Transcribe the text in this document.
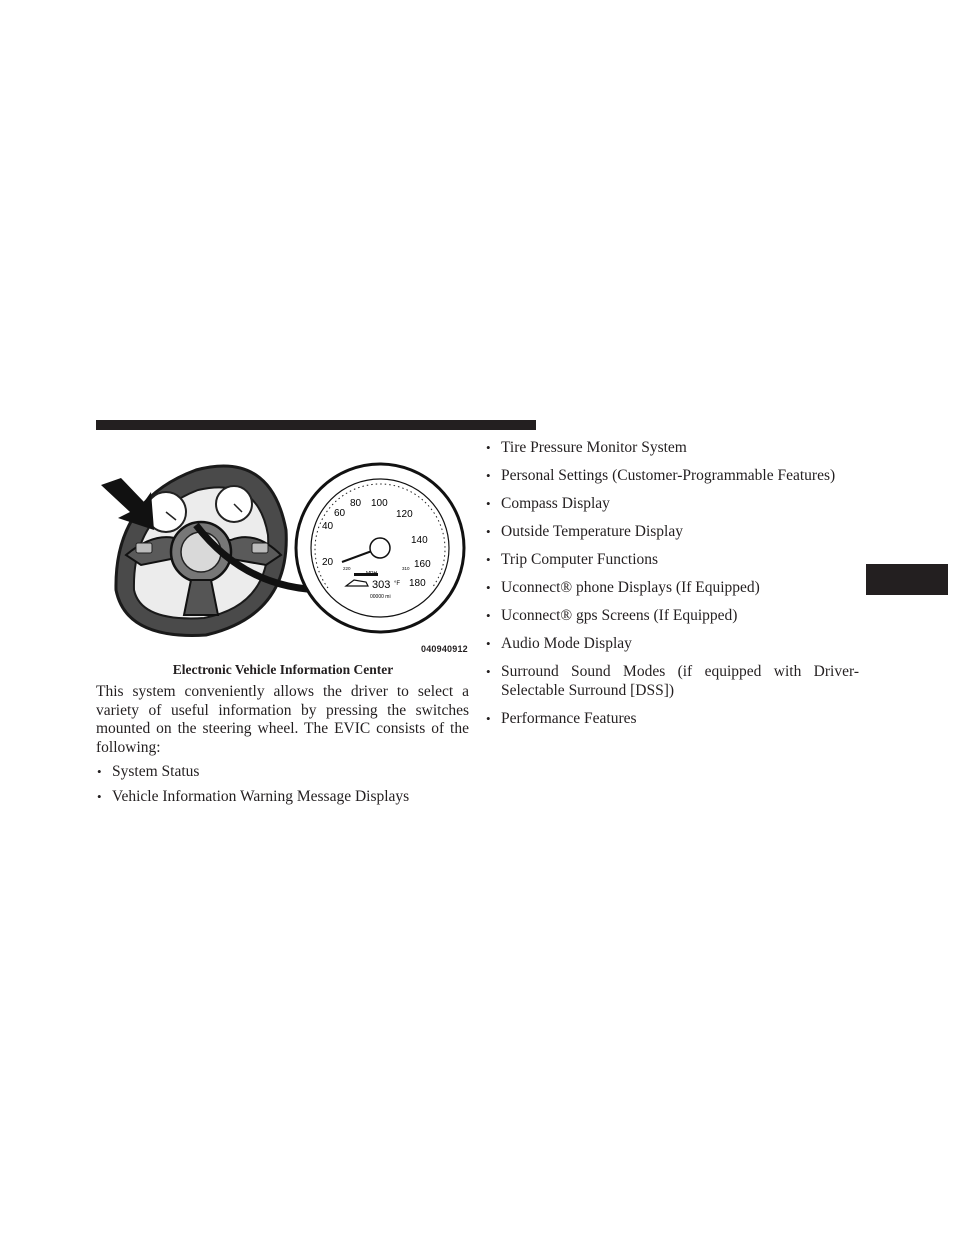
20
40
60
80 100
120
140
160
180
220	310
303 °F
00000 mi
040940912
Electronic Vehicle Information Center

This system conveniently allows the driver to select a variety of useful information by pressing the switches mounted on the steering wheel. The EVIC consists of the following:

• System Status
• Vehicle Information Warning Message Displays
• Tire Pressure Monitor System
• Personal Settings (Customer-Programmable Features)
• Compass Display
• Outside Temperature Display
• Trip Computer Functions
• Uconnect® phone Displays (If Equipped)
• Uconnect® gps Screens (If Equipped)
• Audio Mode Display
• Surround Sound Modes (if equipped with Driver-Selectable Surround [DSS])
• Performance Features
